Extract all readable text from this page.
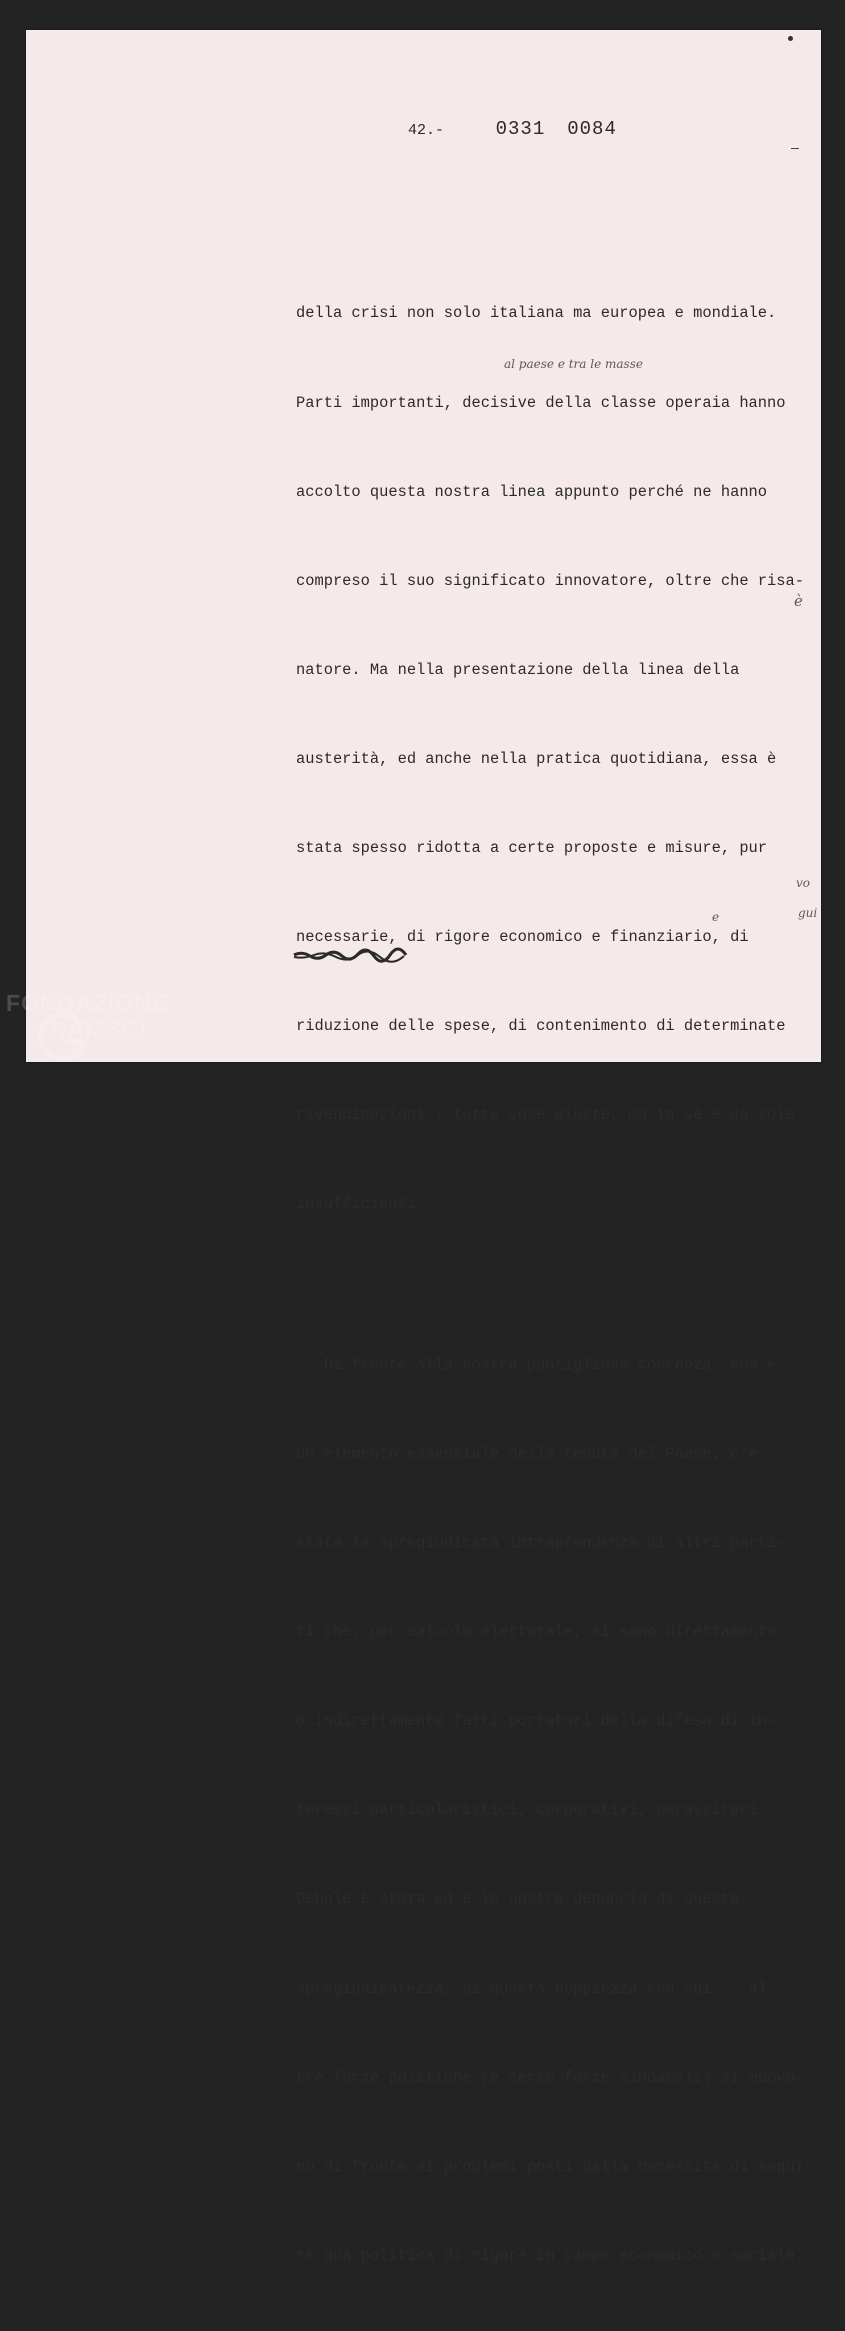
42.-	0331 0084

della crisi non solo italiana ma europea e mondiale.

Parti importanti, decisive della classe operaia hanno

accolto questa nostra linea appunto perché ne hanno

compreso il suo significato innovatore, oltre che risa-

natore. Ma nella presentazione della linea della

austerità, ed anche nella pratica quotidiana, essa è

stata spesso ridotta a certe proposte e misure, pur

necessarie, di rigore economico e finanziario, di

riduzione delle spese, di contenimento di determinate

rivendicazioni : tutte cose giuste, ma in sé e da sole

insufficienti.

Di fronte alla nostra puntigliosa coerenza, che è

un elemento essenziale della tenuta del Paese, c'è

stata la spregiudicata intraprendenza di altri parti-

ti che, per calcolo elettorale, si sono direttamente

o indirettamente fatti portatori della difesa di in-

teressi particolaristici, corporativi, parassitari.

Debole è stata ed è la nostra denuncia di questa

spregiudicatezza, di questa doppiezza con cui    al-

tre forze politiche (e certe forze sindacali) si muovo-

no di fronte ai problemi posti dalla necessità di segui-

re una politica di rigore in campo economico e sociale.

al paese e tra le masse
è
vo
gui
e
FONDAZIONE
RAMSCI
